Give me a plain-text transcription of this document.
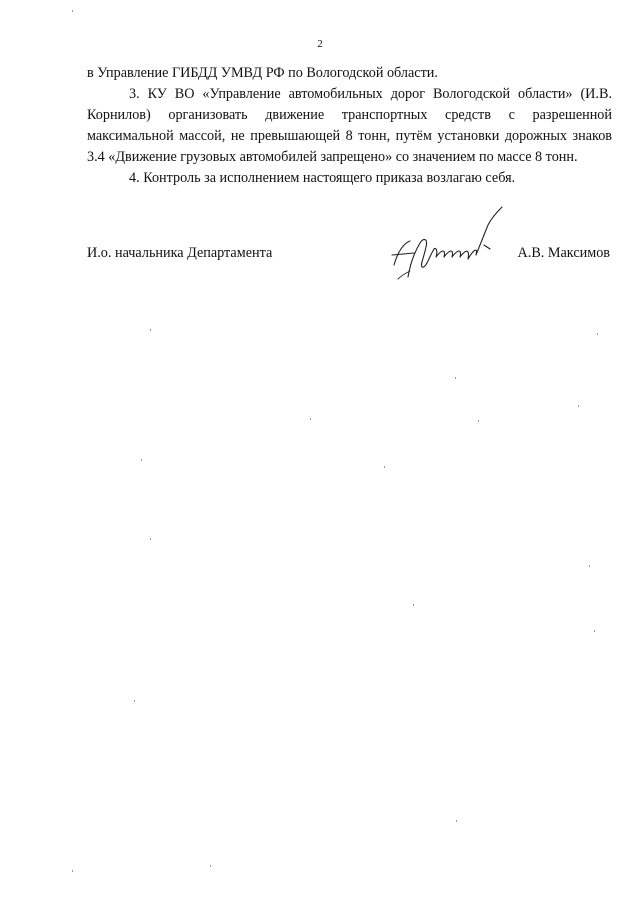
2

в Управление ГИБДД УМВД РФ по Вологодской области.

3. КУ ВО «Управление автомобильных дорог Вологодской области» (И.В. Корнилов) организовать движение транспортных средств с разрешенной максимальной массой, не превышающей 8 тонн, путём установки дорожных знаков 3.4 «Движение грузовых автомобилей запрещено» со значением по массе 8 тонн.

4. Контроль за исполнением настоящего приказа возлагаю себя.

И.о. начальника Департамента	А.В. Максимов
